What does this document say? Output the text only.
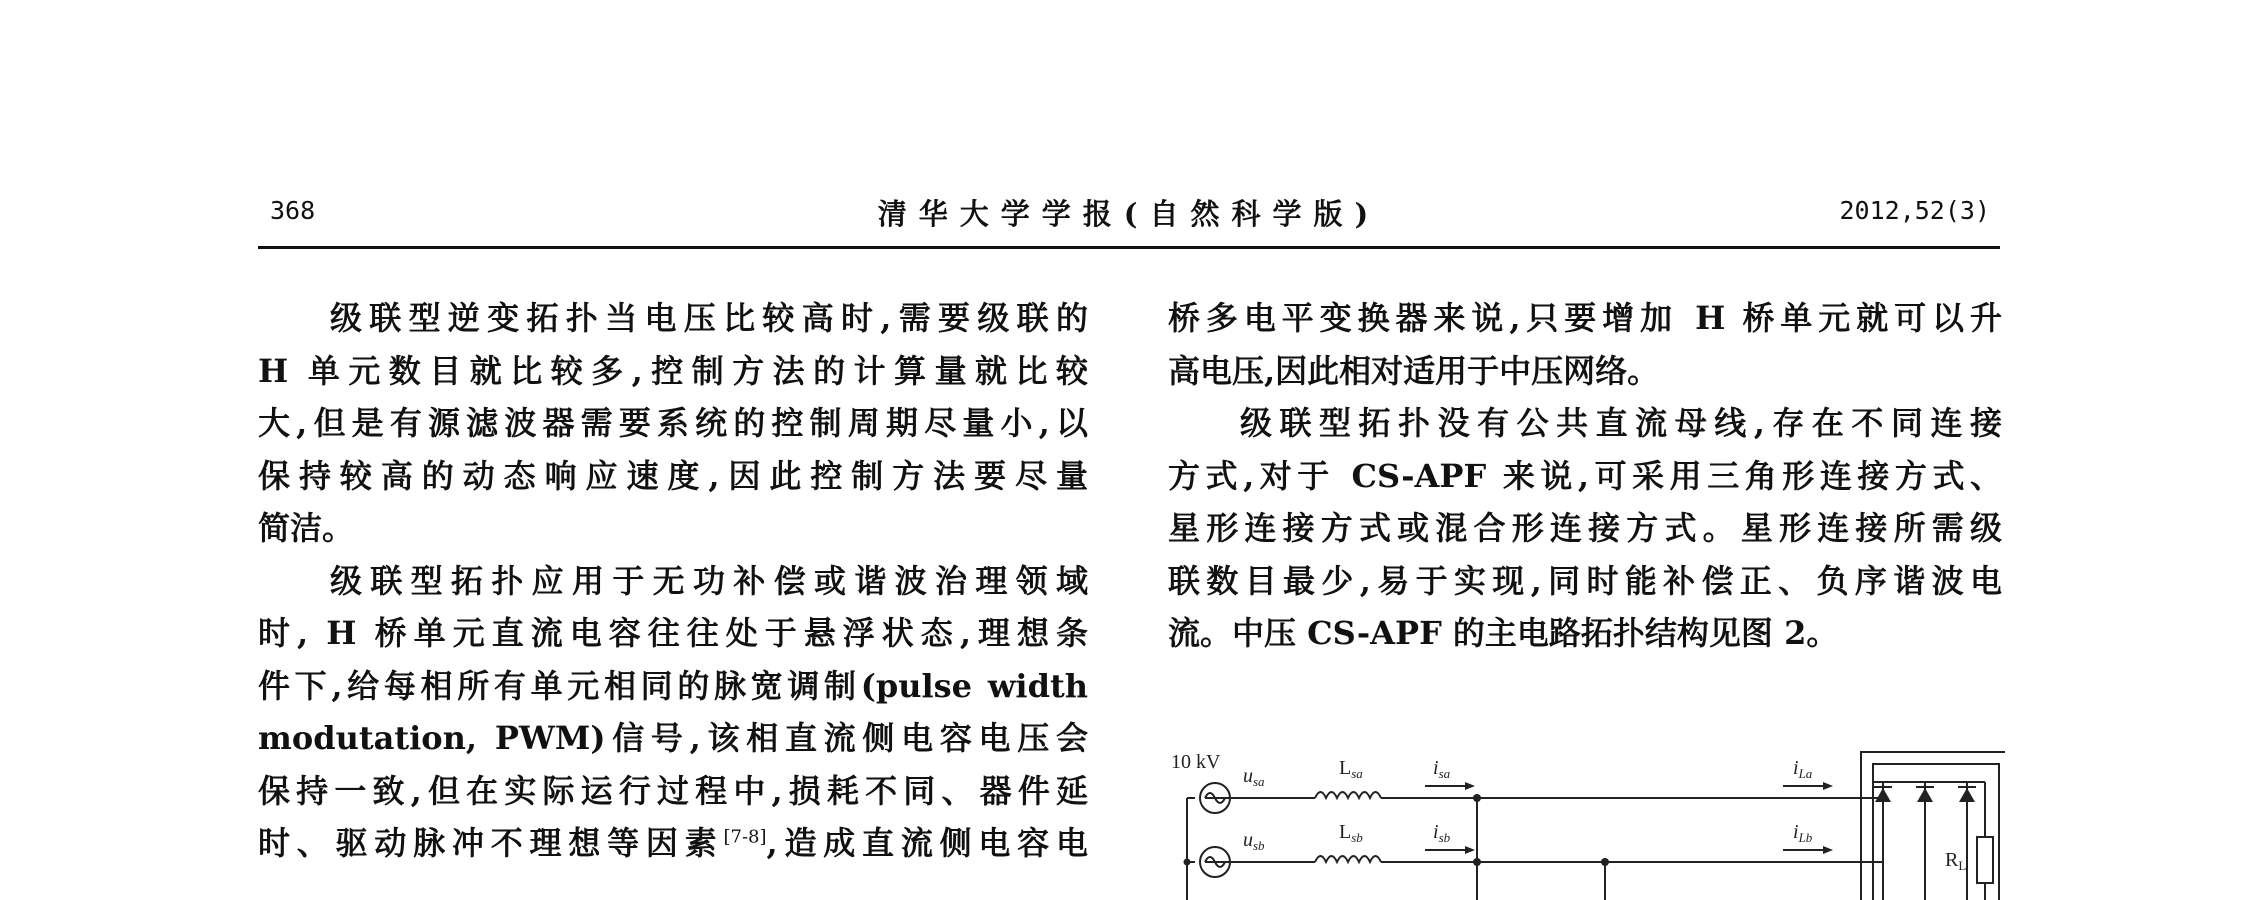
368	清华大学学报(自然科学版)	2012,52(3)
级联型逆变拓扑当电压比较高时,需要级联的
H 单元数目就比较多,控制方法的计算量就比较
大,但是有源滤波器需要系统的控制周期尽量小,以
保持较高的动态响应速度,因此控制方法要尽量
简洁。
级联型拓扑应用于无功补偿或谐波治理领域
时, H 桥单元直流电容往往处于悬浮状态,理想条
件下,给每相所有单元相同的脉宽调制(pulse width
modutation, PWM)信号,该相直流侧电容电压会
保持一致,但在实际运行过程中,损耗不同、器件延
时、驱动脉冲不理想等因素[7-8],造成直流侧电容电
桥多电平变换器来说,只要增加 H 桥单元就可以升
高电压,因此相对适用于中压网络。
级联型拓扑没有公共直流母线,存在不同连接
方式,对于 CS-APF 来说,可采用三角形连接方式、
星形连接方式或混合形连接方式。星形连接所需级
联数目最少,易于实现,同时能补偿正、负序谐波电
流。中压 CS-APF 的主电路拓扑结构见图 2。
10 kV
$u_{sa}$
$u_{sb}$
$L_{sa}$
$L_{sb}$
$i_{sa}$
$i_{sb}$
$i_{La}$
$i_{Lb}$
$R_L$
